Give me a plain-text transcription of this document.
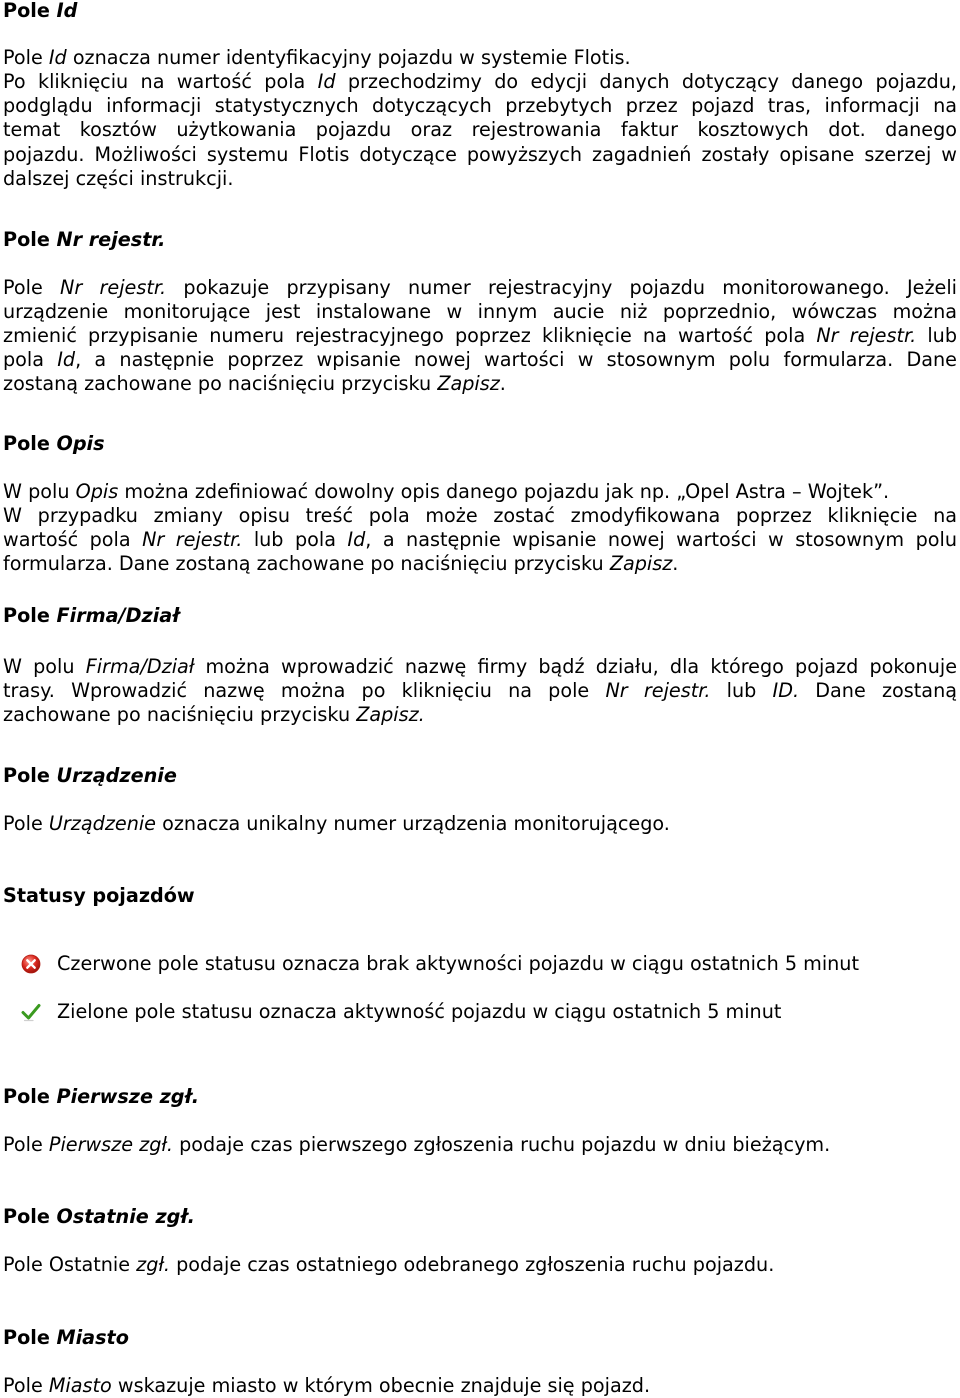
Pole Id
Pole Id oznacza numer identyfikacyjny pojazdu w systemie Flotis.
Po kliknięciu na wartość pola Id przechodzimy do edycji danych dotyczący danego pojazdu,
podglądu informacji statystycznych dotyczących przebytych przez pojazd tras, informacji na
temat kosztów użytkowania pojazdu oraz rejestrowania faktur kosztowych dot. danego
pojazdu. Możliwości systemu Flotis dotyczące powyższych zagadnień zostały opisane szerzej w
dalszej części instrukcji.
Pole Nr rejestr.
Pole Nr rejestr. pokazuje przypisany numer rejestracyjny pojazdu monitorowanego. Jeżeli
urządzenie monitorujące jest instalowane w innym aucie niż poprzednio, wówczas można
zmienić przypisanie numeru rejestracyjnego poprzez kliknięcie na wartość pola Nr rejestr. lub
pola Id, a następnie poprzez wpisanie nowej wartości w stosownym polu formularza. Dane
zostaną zachowane po naciśnięciu przycisku Zapisz.
Pole Opis
W polu Opis można zdefiniować dowolny opis danego pojazdu jak np. „Opel Astra – Wojtek”.
W przypadku zmiany opisu treść pola może zostać zmodyfikowana poprzez kliknięcie na
wartość pola Nr rejestr. lub pola Id, a następnie wpisanie nowej wartości w stosownym polu
formularza. Dane zostaną zachowane po naciśnięciu przycisku Zapisz.
Pole Firma/Dział
W polu Firma/Dział można wprowadzić nazwę firmy bądź działu, dla którego pojazd pokonuje
trasy. Wprowadzić nazwę można po kliknięciu na pole Nr rejestr. lub ID. Dane zostaną
zachowane po naciśnięciu przycisku Zapisz.
Pole Urządzenie
Pole Urządzenie oznacza unikalny numer urządzenia monitorującego.
Statusy pojazdów
Pole Pierwsze zgł.
Pole Pierwsze zgł. podaje czas pierwszego zgłoszenia ruchu pojazdu w dniu bieżącym.
Pole Ostatnie zgł.
Pole Ostatnie zgł. podaje czas ostatniego odebranego zgłoszenia ruchu pojazdu.
Pole Miasto
Pole Miasto wskazuje miasto w którym obecnie znajduje się pojazd.
Czerwone pole statusu oznacza brak aktywności pojazdu w ciągu ostatnich 5 minut
Zielone pole statusu oznacza aktywność pojazdu w ciągu ostatnich 5 minut
